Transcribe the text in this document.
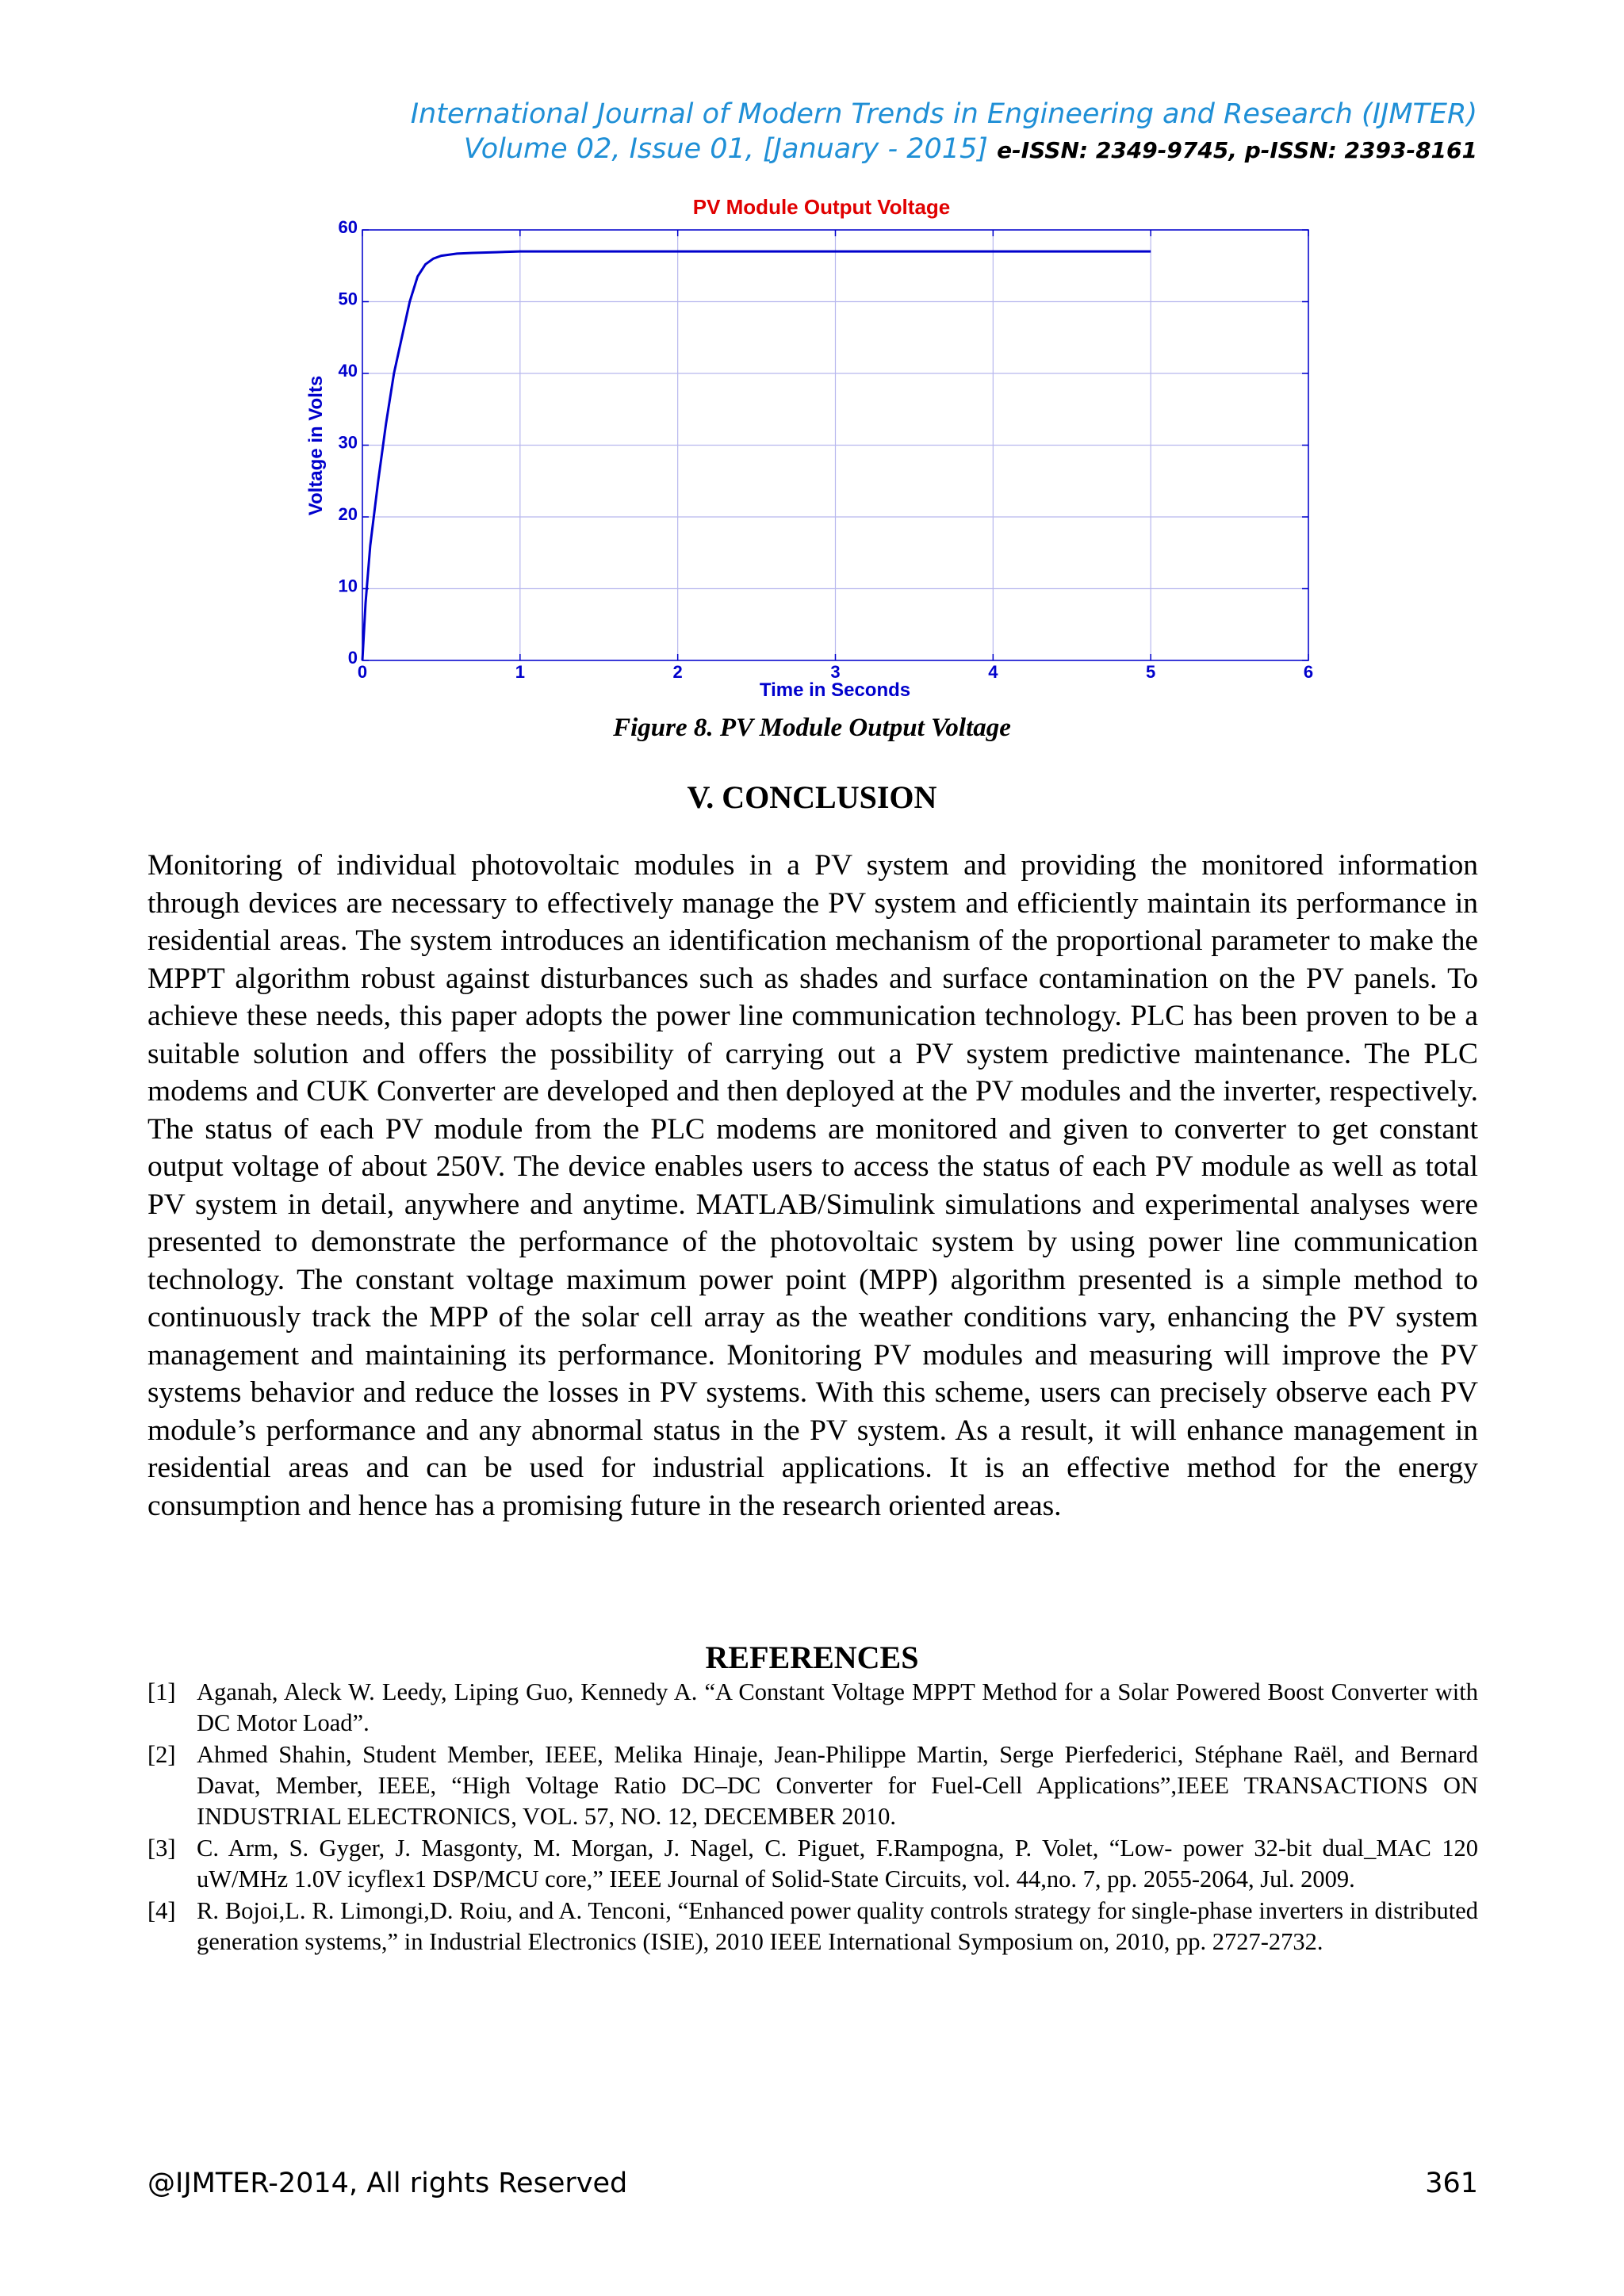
International Journal of Modern Trends in Engineering and Research (IJMTER)
Volume 02, Issue 01, [January - 2015] e-ISSN: 2349-9745, p-ISSN: 2393-8161
PV Module Output Voltage
0	1	2	3	4	5	6
0
10
20
30
40
50
60
Time in Seconds
Voltage in Volts
Figure 8. PV Module Output Voltage
V. CONCLUSION
Monitoring of individual photovoltaic modules in a PV system and providing the monitored information through devices are necessary to effectively manage the PV system and efficiently maintain its performance in residential areas. The system introduces an identification mechanism of the proportional parameter to make the MPPT algorithm robust against disturbances such as shades and surface contamination on the PV panels. To achieve these needs, this paper adopts the power line communication technology. PLC has been proven to be a suitable solution and offers the possibility of carrying out a PV system predictive maintenance. The PLC modems and CUK Converter are developed and then deployed at the PV modules and the inverter, respectively. The status of each PV module from the PLC modems are monitored and given to converter to get constant output voltage of about 250V. The device enables users to access the status of each PV module as well as total PV system in detail, anywhere and anytime. MATLAB/Simulink simulations and experimental analyses were presented to demonstrate the performance of the photovoltaic system by using power line communication technology. The constant voltage maximum power point (MPP) algorithm presented is a simple method to continuously track the MPP of the solar cell array as the weather conditions vary, enhancing the PV system management and maintaining its performance. Monitoring PV modules and measuring will improve the PV systems behavior and reduce the losses in PV systems. With this scheme, users can precisely observe each PV module’s performance and any abnormal status in the PV system. As a result, it will enhance management in residential areas and can be used for industrial applications. It is an effective method for the energy consumption and hence has a promising future in the research oriented areas.
REFERENCES
[1] Aganah, Aleck W. Leedy, Liping Guo, Kennedy A. “A Constant Voltage MPPT Method for a Solar Powered Boost Converter with DC Motor Load”.
[2] Ahmed Shahin, Student Member, IEEE, Melika Hinaje, Jean-Philippe Martin, Serge Pierfederici, Stéphane Raël, and Bernard Davat, Member, IEEE, “High Voltage Ratio DC–DC Converter for Fuel-Cell Applications”,IEEE TRANSACTIONS ON INDUSTRIAL ELECTRONICS, VOL. 57, NO. 12, DECEMBER 2010.
[3] C. Arm, S. Gyger, J. Masgonty, M. Morgan, J. Nagel, C. Piguet, F.Rampogna, P. Volet, “Low- power 32-bit dual_MAC 120 uW/MHz 1.0V icyflex1 DSP/MCU core,” IEEE Journal of Solid-State Circuits, vol. 44,no. 7, pp. 2055-2064, Jul. 2009.
[4] R. Bojoi,L. R. Limongi,D. Roiu, and A. Tenconi, “Enhanced power quality controls strategy for single-phase inverters in distributed generation systems,” in Industrial Electronics (ISIE), 2010 IEEE International Symposium on, 2010, pp. 2727-2732.
@IJMTER-2014, All rights Reserved	361
